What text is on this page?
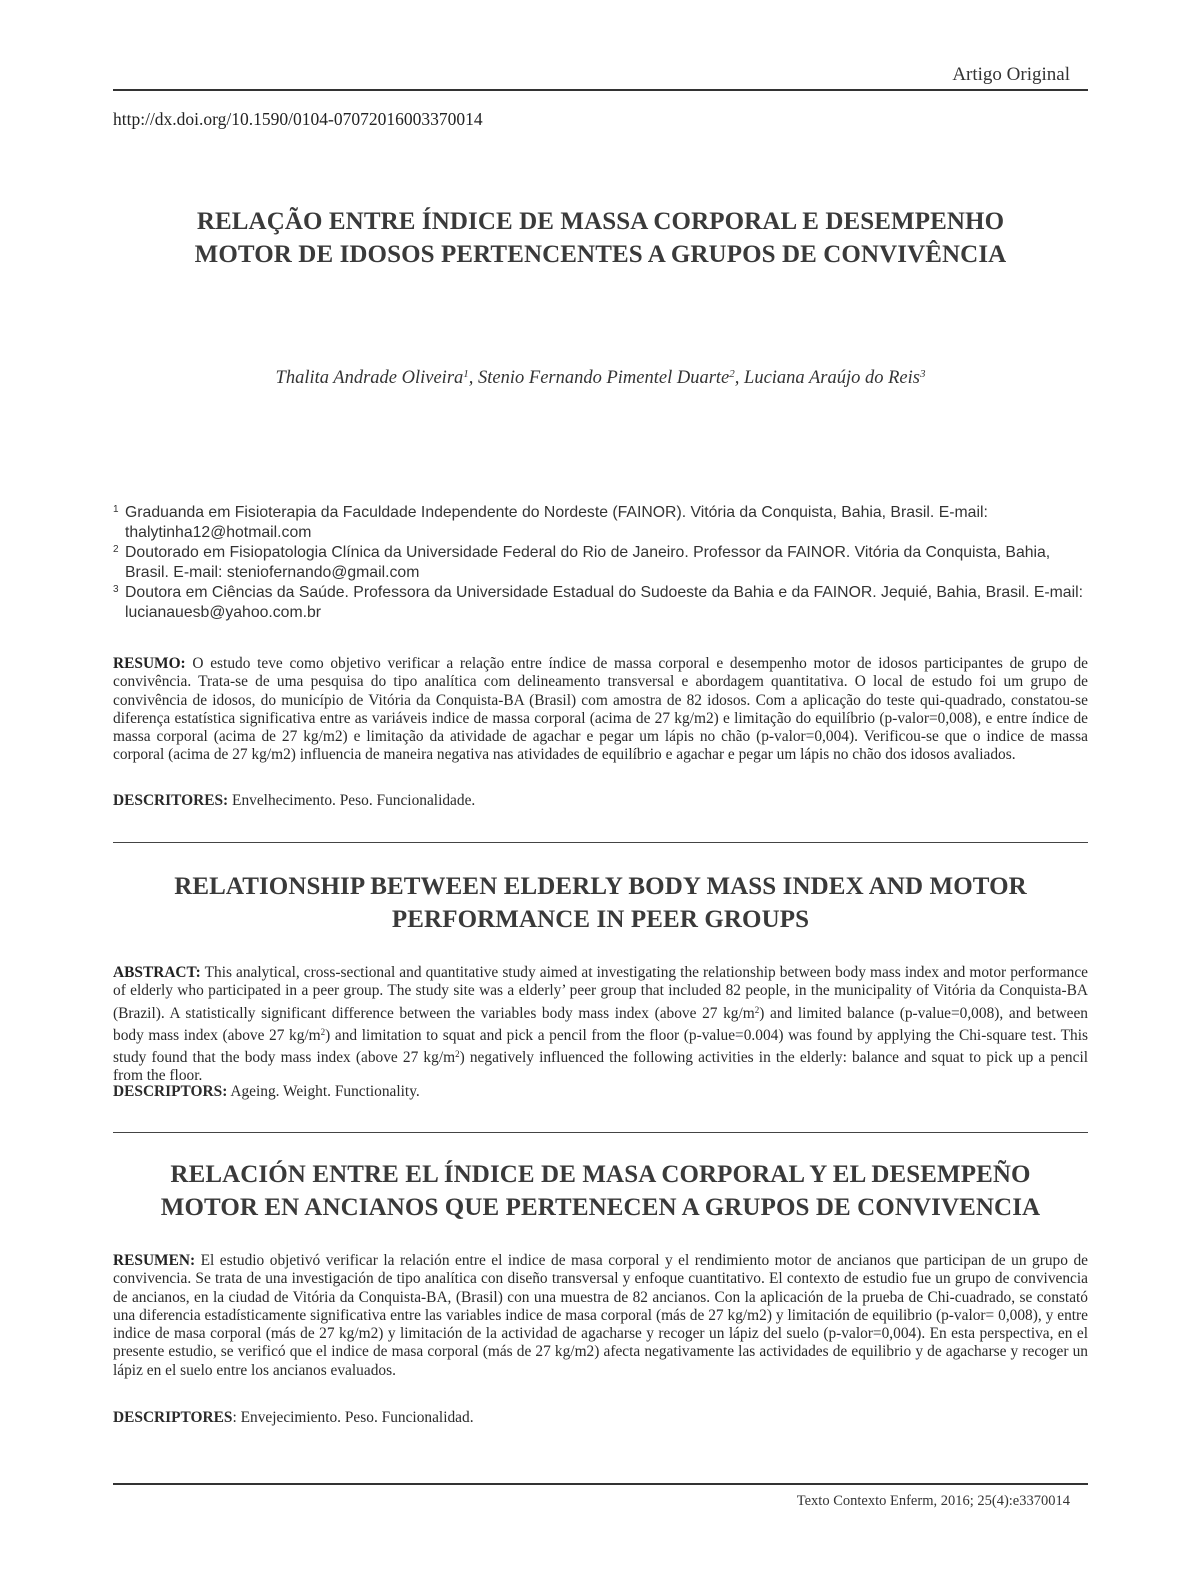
Artigo Original
http://dx.doi.org/10.1590/0104-07072016003370014
RELAÇÃO ENTRE ÍNDICE DE MASSA CORPORAL E DESEMPENHO
MOTOR DE IDOSOS PERTENCENTES A GRUPOS DE CONVIVÊNCIA
Thalita Andrade Oliveira$^1$, Stenio Fernando Pimentel Duarte$^2$, Luciana Araújo do Reis$^3$
1 Graduanda em Fisioterapia da Faculdade Independente do Nordeste (FAINOR). Vitória da Conquista, Bahia, Brasil. E-mail: thalytinha12@hotmail.com
2 Doutorado em Fisiopatologia Clínica da Universidade Federal do Rio de Janeiro. Professor da FAINOR. Vitória da Conquista, Bahia, Brasil. E-mail: steniofernando@gmail.com
3 Doutora em Ciências da Saúde. Professora da Universidade Estadual do Sudoeste da Bahia e da FAINOR. Jequié, Bahia, Brasil. E-mail: lucianauesb@yahoo.com.br
RESUMO: O estudo teve como objetivo verificar a relação entre índice de massa corporal e desempenho motor de idosos participantes de grupo de convivência. Trata-se de uma pesquisa do tipo analítica com delineamento transversal e abordagem quantitativa. O local de estudo foi um grupo de convivência de idosos, do município de Vitória da Conquista-BA (Brasil) com amostra de 82 idosos. Com a aplicação do teste qui-quadrado, constatou-se diferença estatística significativa entre as variáveis indice de massa corporal (acima de 27 kg/m2) e limitação do equilíbrio (p-valor=0,008), e entre índice de massa corporal (acima de 27 kg/m2) e limitação da atividade de agachar e pegar um lápis no chão (p-valor=0,004). Verificou-se que o indice de massa corporal (acima de 27 kg/m2) influencia de maneira negativa nas atividades de equilíbrio e agachar e pegar um lápis no chão dos idosos avaliados.
DESCRITORES: Envelhecimento. Peso. Funcionalidade.
RELATIONSHIP BETWEEN ELDERLY BODY MASS INDEX AND MOTOR
PERFORMANCE IN PEER GROUPS
ABSTRACT: This analytical, cross-sectional and quantitative study aimed at investigating the relationship between body mass index and motor performance of elderly who participated in a peer group. The study site was a elderly’ peer group that included 82 people, in the municipality of Vitória da Conquista-BA (Brazil). A statistically significant difference between the variables body mass index (above 27 $kg/m^2$) and limited balance (p-value=0,008), and between body mass index (above 27 $kg/m^2$) and limitation to squat and pick a pencil from the floor (p-value=0.004) was found by applying the Chi-square test. This study found that the body mass index (above 27 $kg/m^2$) negatively influenced the following activities in the elderly: balance and squat to pick up a pencil from the floor.
DESCRIPTORS: Ageing. Weight. Functionality.
RELACIÓN ENTRE EL ÍNDICE DE MASA CORPORAL Y EL DESEMPEÑO
MOTOR EN ANCIANOS QUE PERTENECEN A GRUPOS DE CONVIVENCIA
RESUMEN: El estudio objetivó verificar la relación entre el indice de masa corporal y el rendimiento motor de ancianos que participan de un grupo de convivencia. Se trata de una investigación de tipo analítica con diseño transversal y enfoque cuantitativo. El contexto de estudio fue un grupo de convivencia de ancianos, en la ciudad de Vitória da Conquista-BA, (Brasil) con una muestra de 82 ancianos. Con la aplicación de la prueba de Chi-cuadrado, se constató una diferencia estadísticamente significativa entre las variables indice de masa corporal (más de 27 kg/m2) y limitación de equilibrio (p-valor= 0,008), y entre indice de masa corporal (más de 27 kg/m2) y limitación de la actividad de agacharse y recoger un lápiz del suelo (p-valor=0,004). En esta perspectiva, en el presente estudio, se verificó que el indice de masa corporal (más de 27 kg/m2) afecta negativamente las actividades de equilibrio y de agacharse y recoger un lápiz en el suelo entre los ancianos evaluados.
DESCRIPTORES: Envejecimiento. Peso. Funcionalidad.
Texto Contexto Enferm, 2016; 25(4):e3370014
